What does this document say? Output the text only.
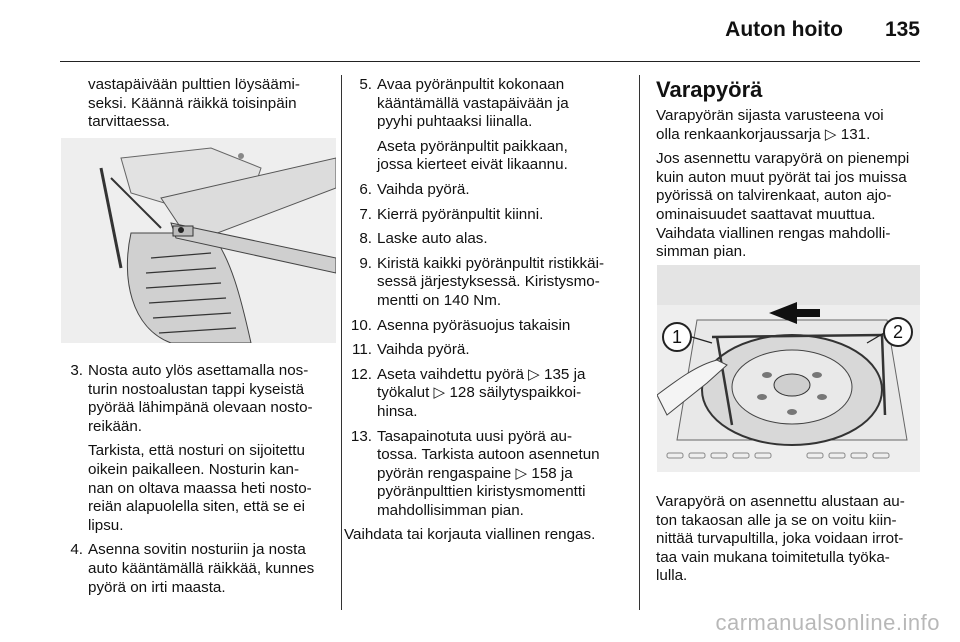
Auton hoito 135
vastapäivään pulttien löysäämi-
seksi. Käännä räikkä toisinpäin
tarvittaessa.
3. Nosta auto ylös asettamalla nos-
turin nostoalustan tappi kyseistä
pyörää lähimpänä olevaan nosto-
reikään.
Tarkista, että nosturi on sijoitettu
oikein paikalleen. Nosturin kan-
nan on oltava maassa heti nosto-
reiän alapuolella siten, että se ei
lipsu.
4. Asenna sovitin nosturiin ja nosta
auto kääntämällä räikkää, kunnes
pyörä on irti maasta.
5. Avaa pyöränpultit kokonaan
kääntämällä vastapäivään ja
pyyhi puhtaaksi liinalla.
Aseta pyöränpultit paikkaan,
jossa kierteet eivät likaannu.
6. Vaihda pyörä.
7. Kierrä pyöränpultit kiinni.
8. Laske auto alas.
9. Kiristä kaikki pyöränpultit ristikkäi-
sessä järjestyksessä. Kiristysmo-
mentti on 140 Nm.
10. Asenna pyöräsuojus takaisin
11. Vaihda pyörä.
12. Aseta vaihdettu pyörä ▷ 135 ja
työkalut ▷ 128 säilytyspaikkoi-
hinsa.
13. Tasapainotuta uusi pyörä au-
tossa. Tarkista autoon asennetun
pyörän rengaspaine ▷ 158 ja
pyöränpulttien kiristysmomentti
mahdollisimman pian.
Vaihdata tai korjauta viallinen rengas.
Varapyörä
Varapyörän sijasta varusteena voi
olla renkaankorjaussarja ▷ 131.
Jos asennettu varapyörä on pienempi
kuin auton muut pyörät tai jos muissa
pyörissä on talvirenkaat, auton ajo-
ominaisuudet saattavat muuttua.
Vaihdata viallinen rengas mahdolli-
simman pian.
1	2
Varapyörä on asennettu alustaan au-
ton takaosan alle ja se on voitu kiin-
nittää turvapultilla, joka voidaan irrot-
taa vain mukana toimitetulla työka-
lulla.
carmanualsonline.info
